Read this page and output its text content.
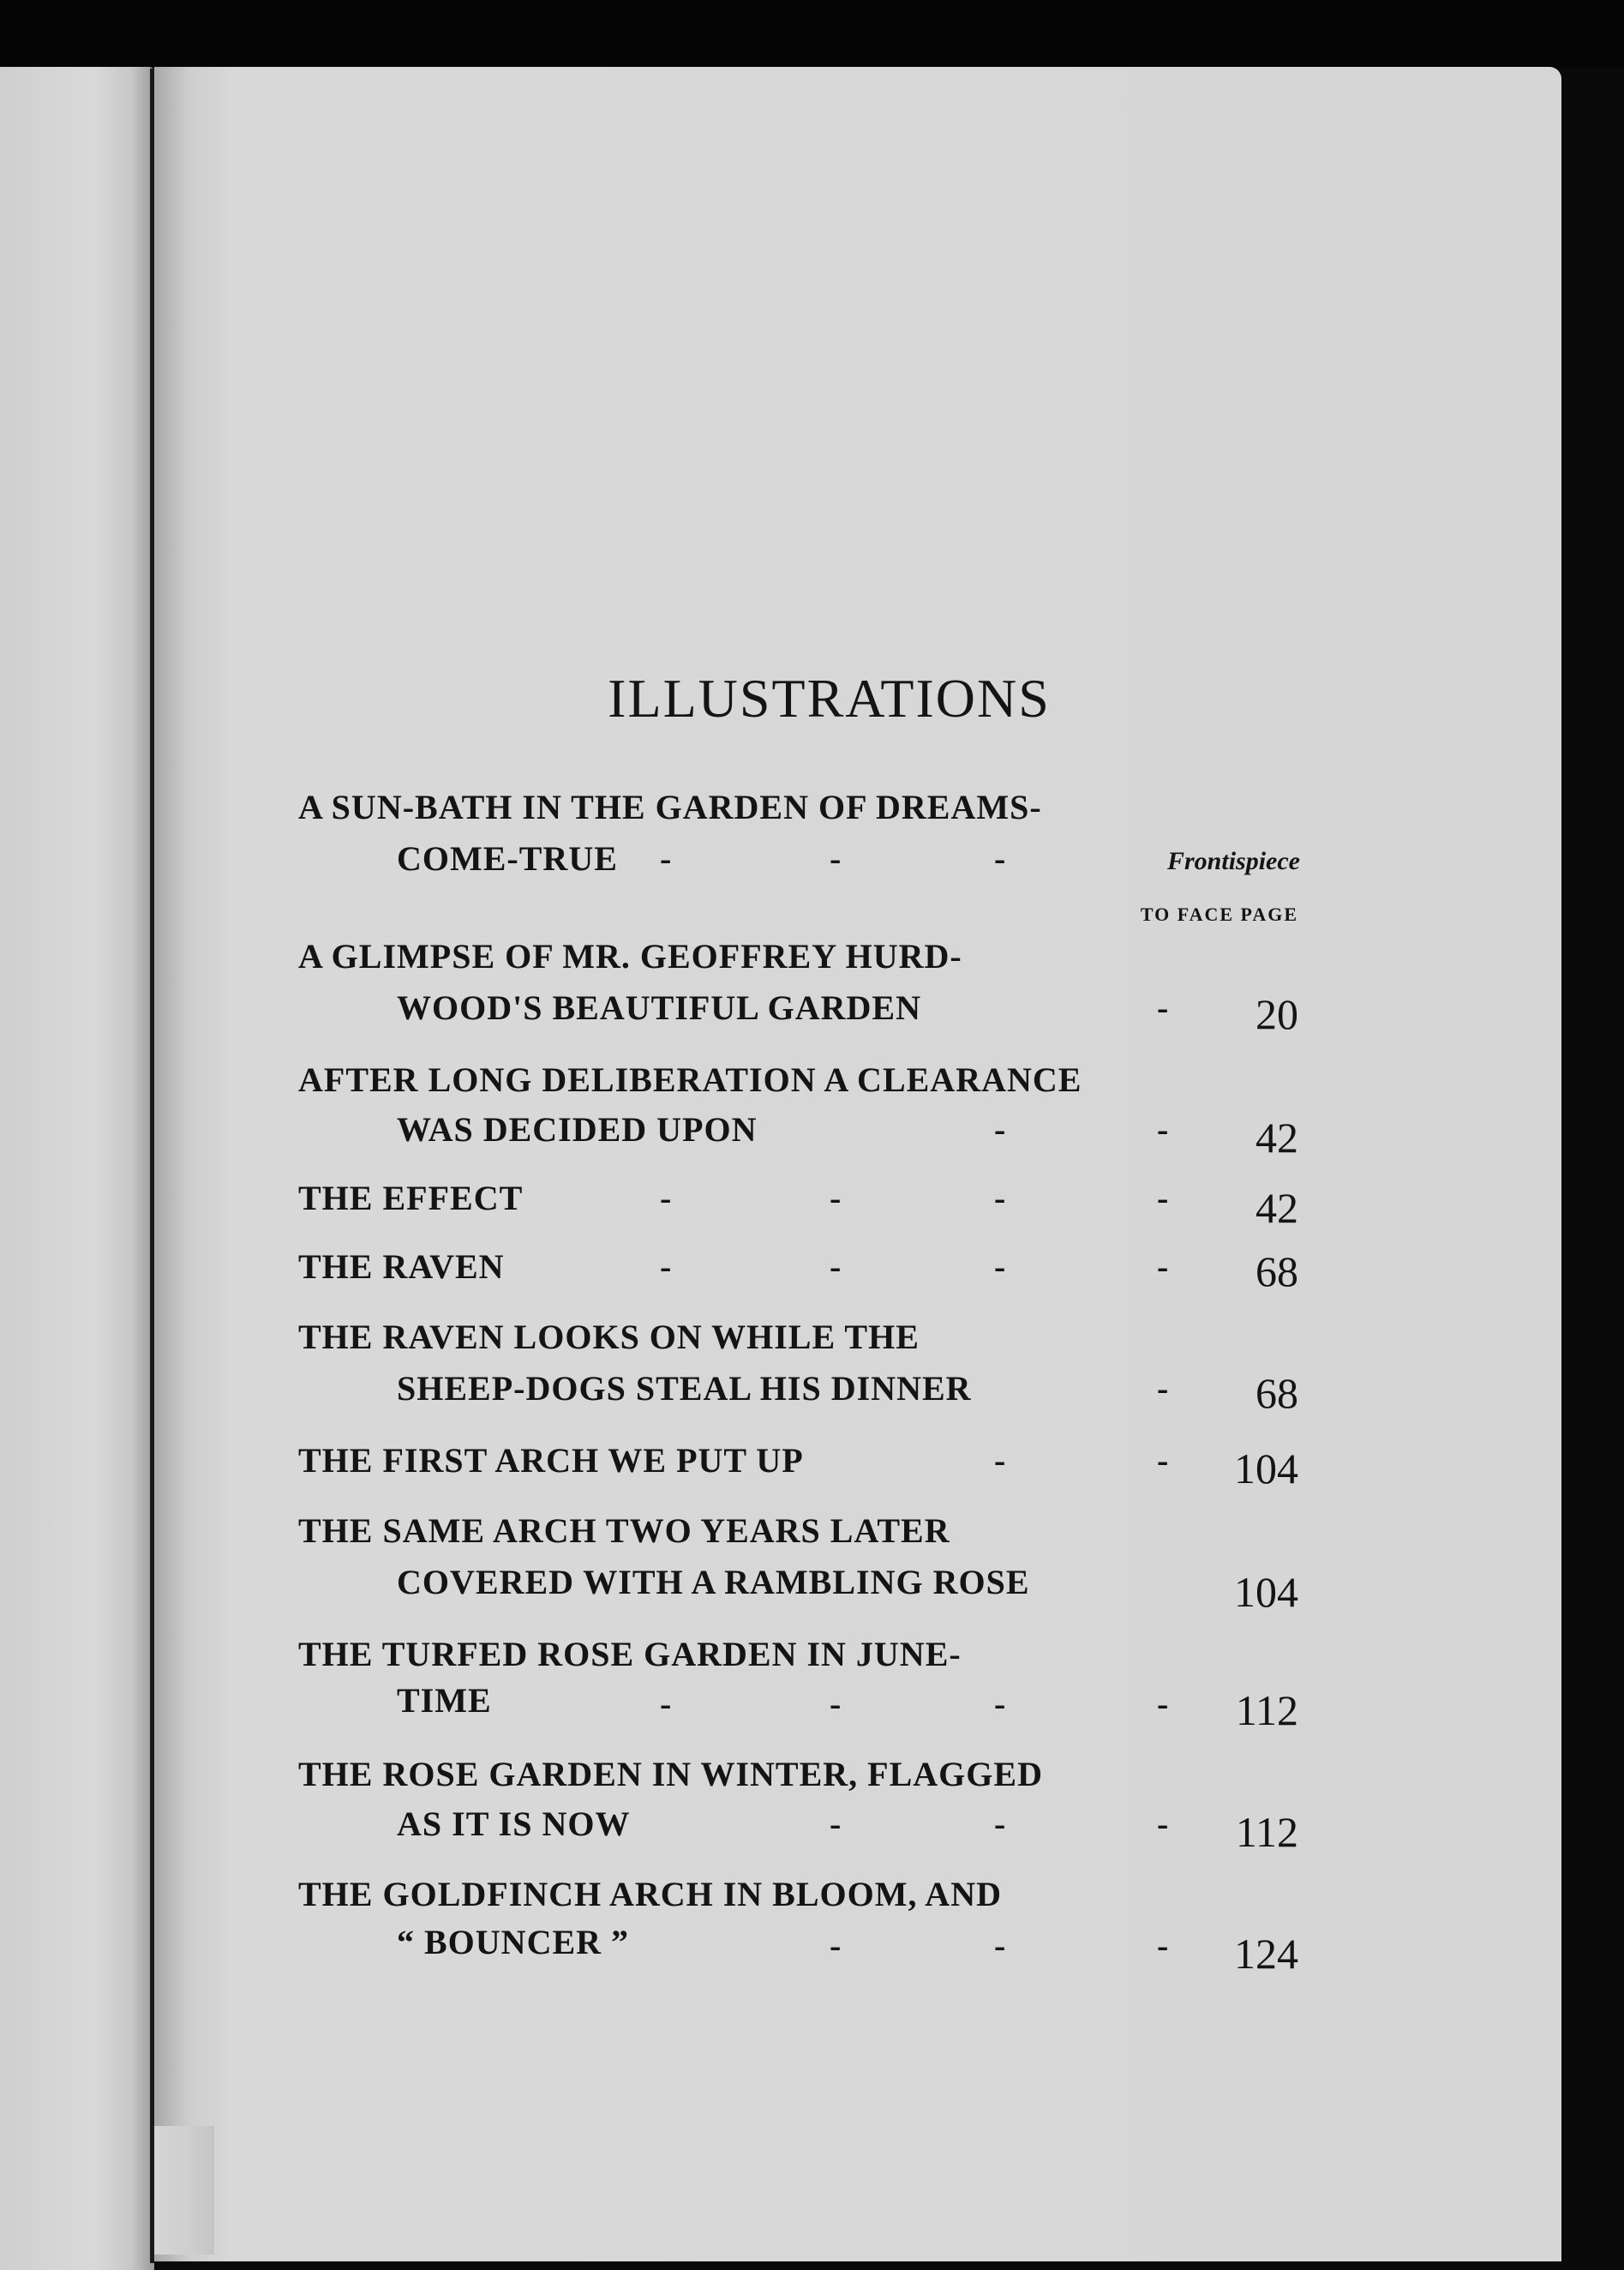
ILLUSTRATIONS
A SUN-BATH IN THE GARDEN OF DREAMS-
COME-TRUE -	-	-	Frontispiece
TO FACE PAGE
A GLIMPSE OF MR. GEOFFREY HURD-
WOOD'S BEAUTIFUL GARDEN	- 20
AFTER LONG DELIBERATION A CLEARANCE
WAS DECIDED UPON	-	- 42
THE EFFECT	-	-	-	- 42
THE RAVEN	-	-	-	- 68
THE RAVEN LOOKS ON WHILE THE
SHEEP-DOGS STEAL HIS DINNER	- 68
THE FIRST ARCH WE PUT UP	-	- 104
THE SAME ARCH TWO YEARS LATER
COVERED WITH A RAMBLING ROSE	104
THE TURFED ROSE GARDEN IN JUNE-
TIME	-	-	-	- 112
THE ROSE GARDEN IN WINTER, FLAGGED
AS IT IS NOW	-	-	- 112
THE GOLDFINCH ARCH IN BLOOM, AND
“ BOUNCER ”	-	-	- 124
